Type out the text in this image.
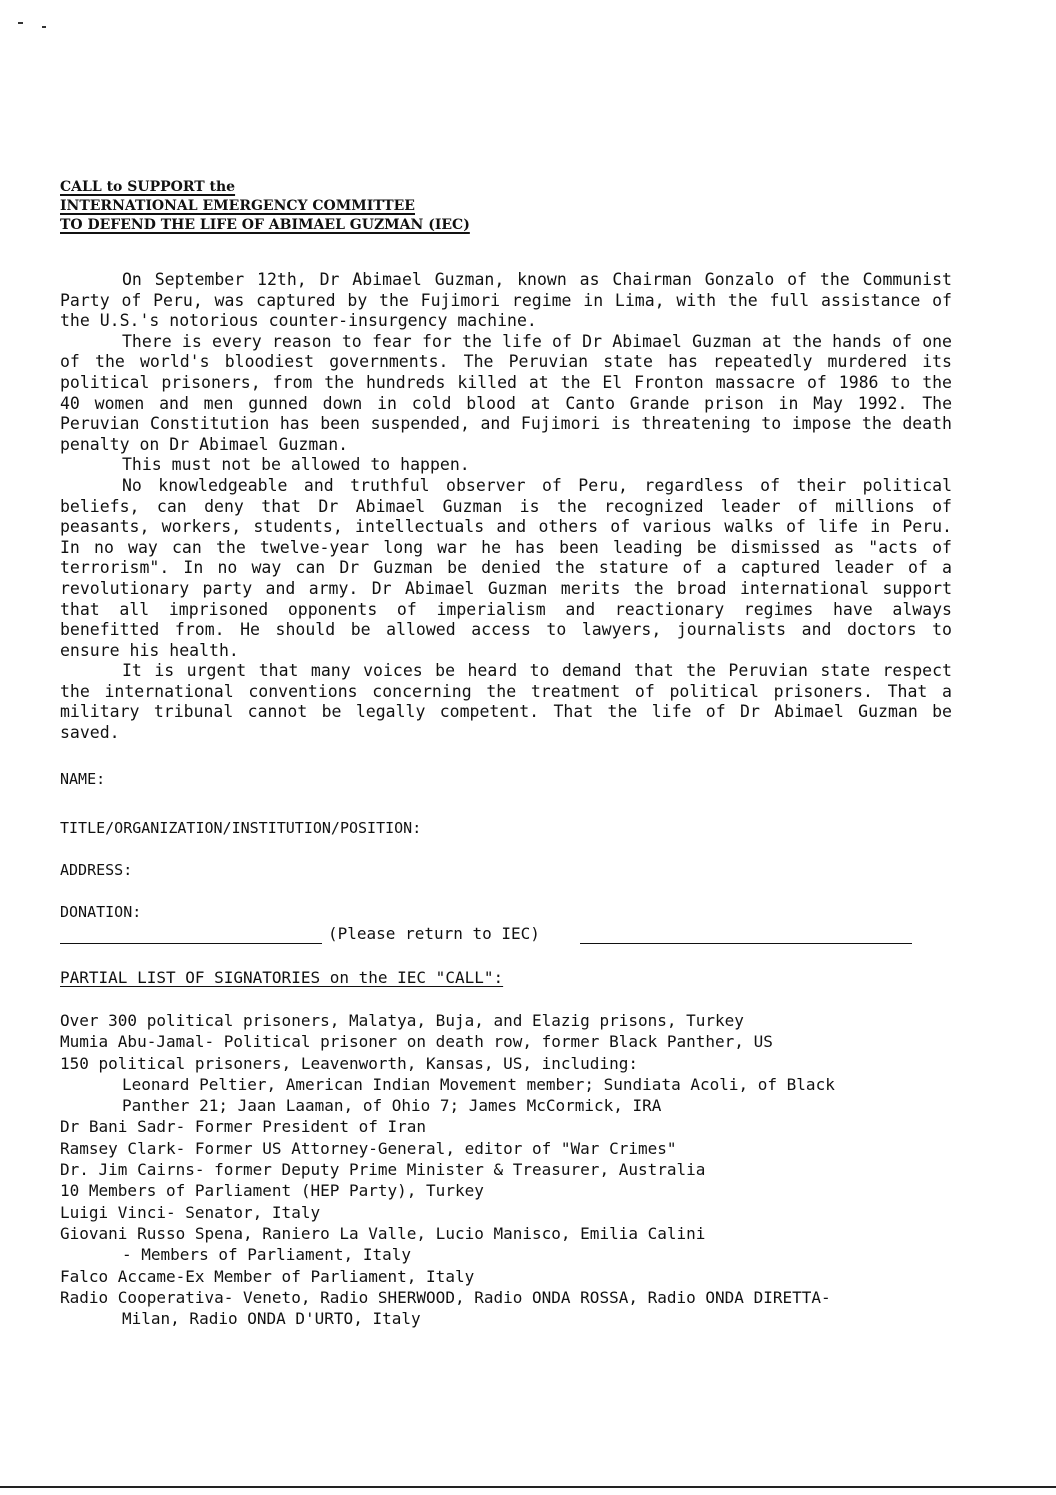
CALL to SUPPORT the
INTERNATIONAL EMERGENCY COMMITTEE
TO DEFEND THE LIFE OF ABIMAEL GUZMAN (IEC)

On September 12th, Dr Abimael Guzman, known as Chairman Gonzalo of the Communist Party of Peru, was captured by the Fujimori regime in Lima, with the full assistance of the U.S.'s notorious counter-insurgency machine.

There is every reason to fear for the life of Dr Abimael Guzman at the hands of one of the world's bloodiest governments. The Peruvian state has repeatedly murdered its political prisoners, from the hundreds killed at the El Fronton massacre of 1986 to the 40 women and men gunned down in cold blood at Canto Grande prison in May 1992. The Peruvian Constitution has been suspended, and Fujimori is threatening to impose the death penalty on Dr Abimael Guzman.

This must not be allowed to happen.

No knowledgeable and truthful observer of Peru, regardless of their political beliefs, can deny that Dr Abimael Guzman is the recognized leader of millions of peasants, workers, students, intellectuals and others of various walks of life in Peru. In no way can the twelve-year long war he has been leading be dismissed as "acts of terrorism". In no way can Dr Guzman be denied the stature of a captured leader of a revolutionary party and army. Dr Abimael Guzman merits the broad international support that all imprisoned opponents of imperialism and reactionary regimes have always benefitted from. He should be allowed access to lawyers, journalists and doctors to ensure his health.

It is urgent that many voices be heard to demand that the Peruvian state respect the international conventions concerning the treatment of political prisoners. That a military tribunal cannot be legally competent. That the life of Dr Abimael Guzman be saved.

NAME:
TITLE/ORGANIZATION/INSTITUTION/POSITION:
ADDRESS:
DONATION:
(Please return to IEC)
PARTIAL LIST OF SIGNATORIES on the IEC "CALL":
Over 300 political prisoners, Malatya, Buja, and Elazig prisons, Turkey
Mumia Abu-Jamal- Political prisoner on death row, former Black Panther, US
150 political prisoners, Leavenworth, Kansas, US, including:
Leonard Peltier, American Indian Movement member; Sundiata Acoli, of Black
Panther 21; Jaan Laaman, of Ohio 7; James McCormick, IRA
Dr Bani Sadr- Former President of Iran
Ramsey Clark- Former US Attorney-General, editor of "War Crimes"
Dr. Jim Cairns- former Deputy Prime Minister & Treasurer, Australia
10 Members of Parliament (HEP Party), Turkey
Luigi Vinci- Senator, Italy
Giovani Russo Spena, Raniero La Valle, Lucio Manisco, Emilia Calini
- Members of Parliament, Italy
Falco Accame-Ex Member of Parliament, Italy
Radio Cooperativa- Veneto, Radio SHERWOOD, Radio ONDA ROSSA, Radio ONDA DIRETTA-
Milan, Radio ONDA D'URTO, Italy
